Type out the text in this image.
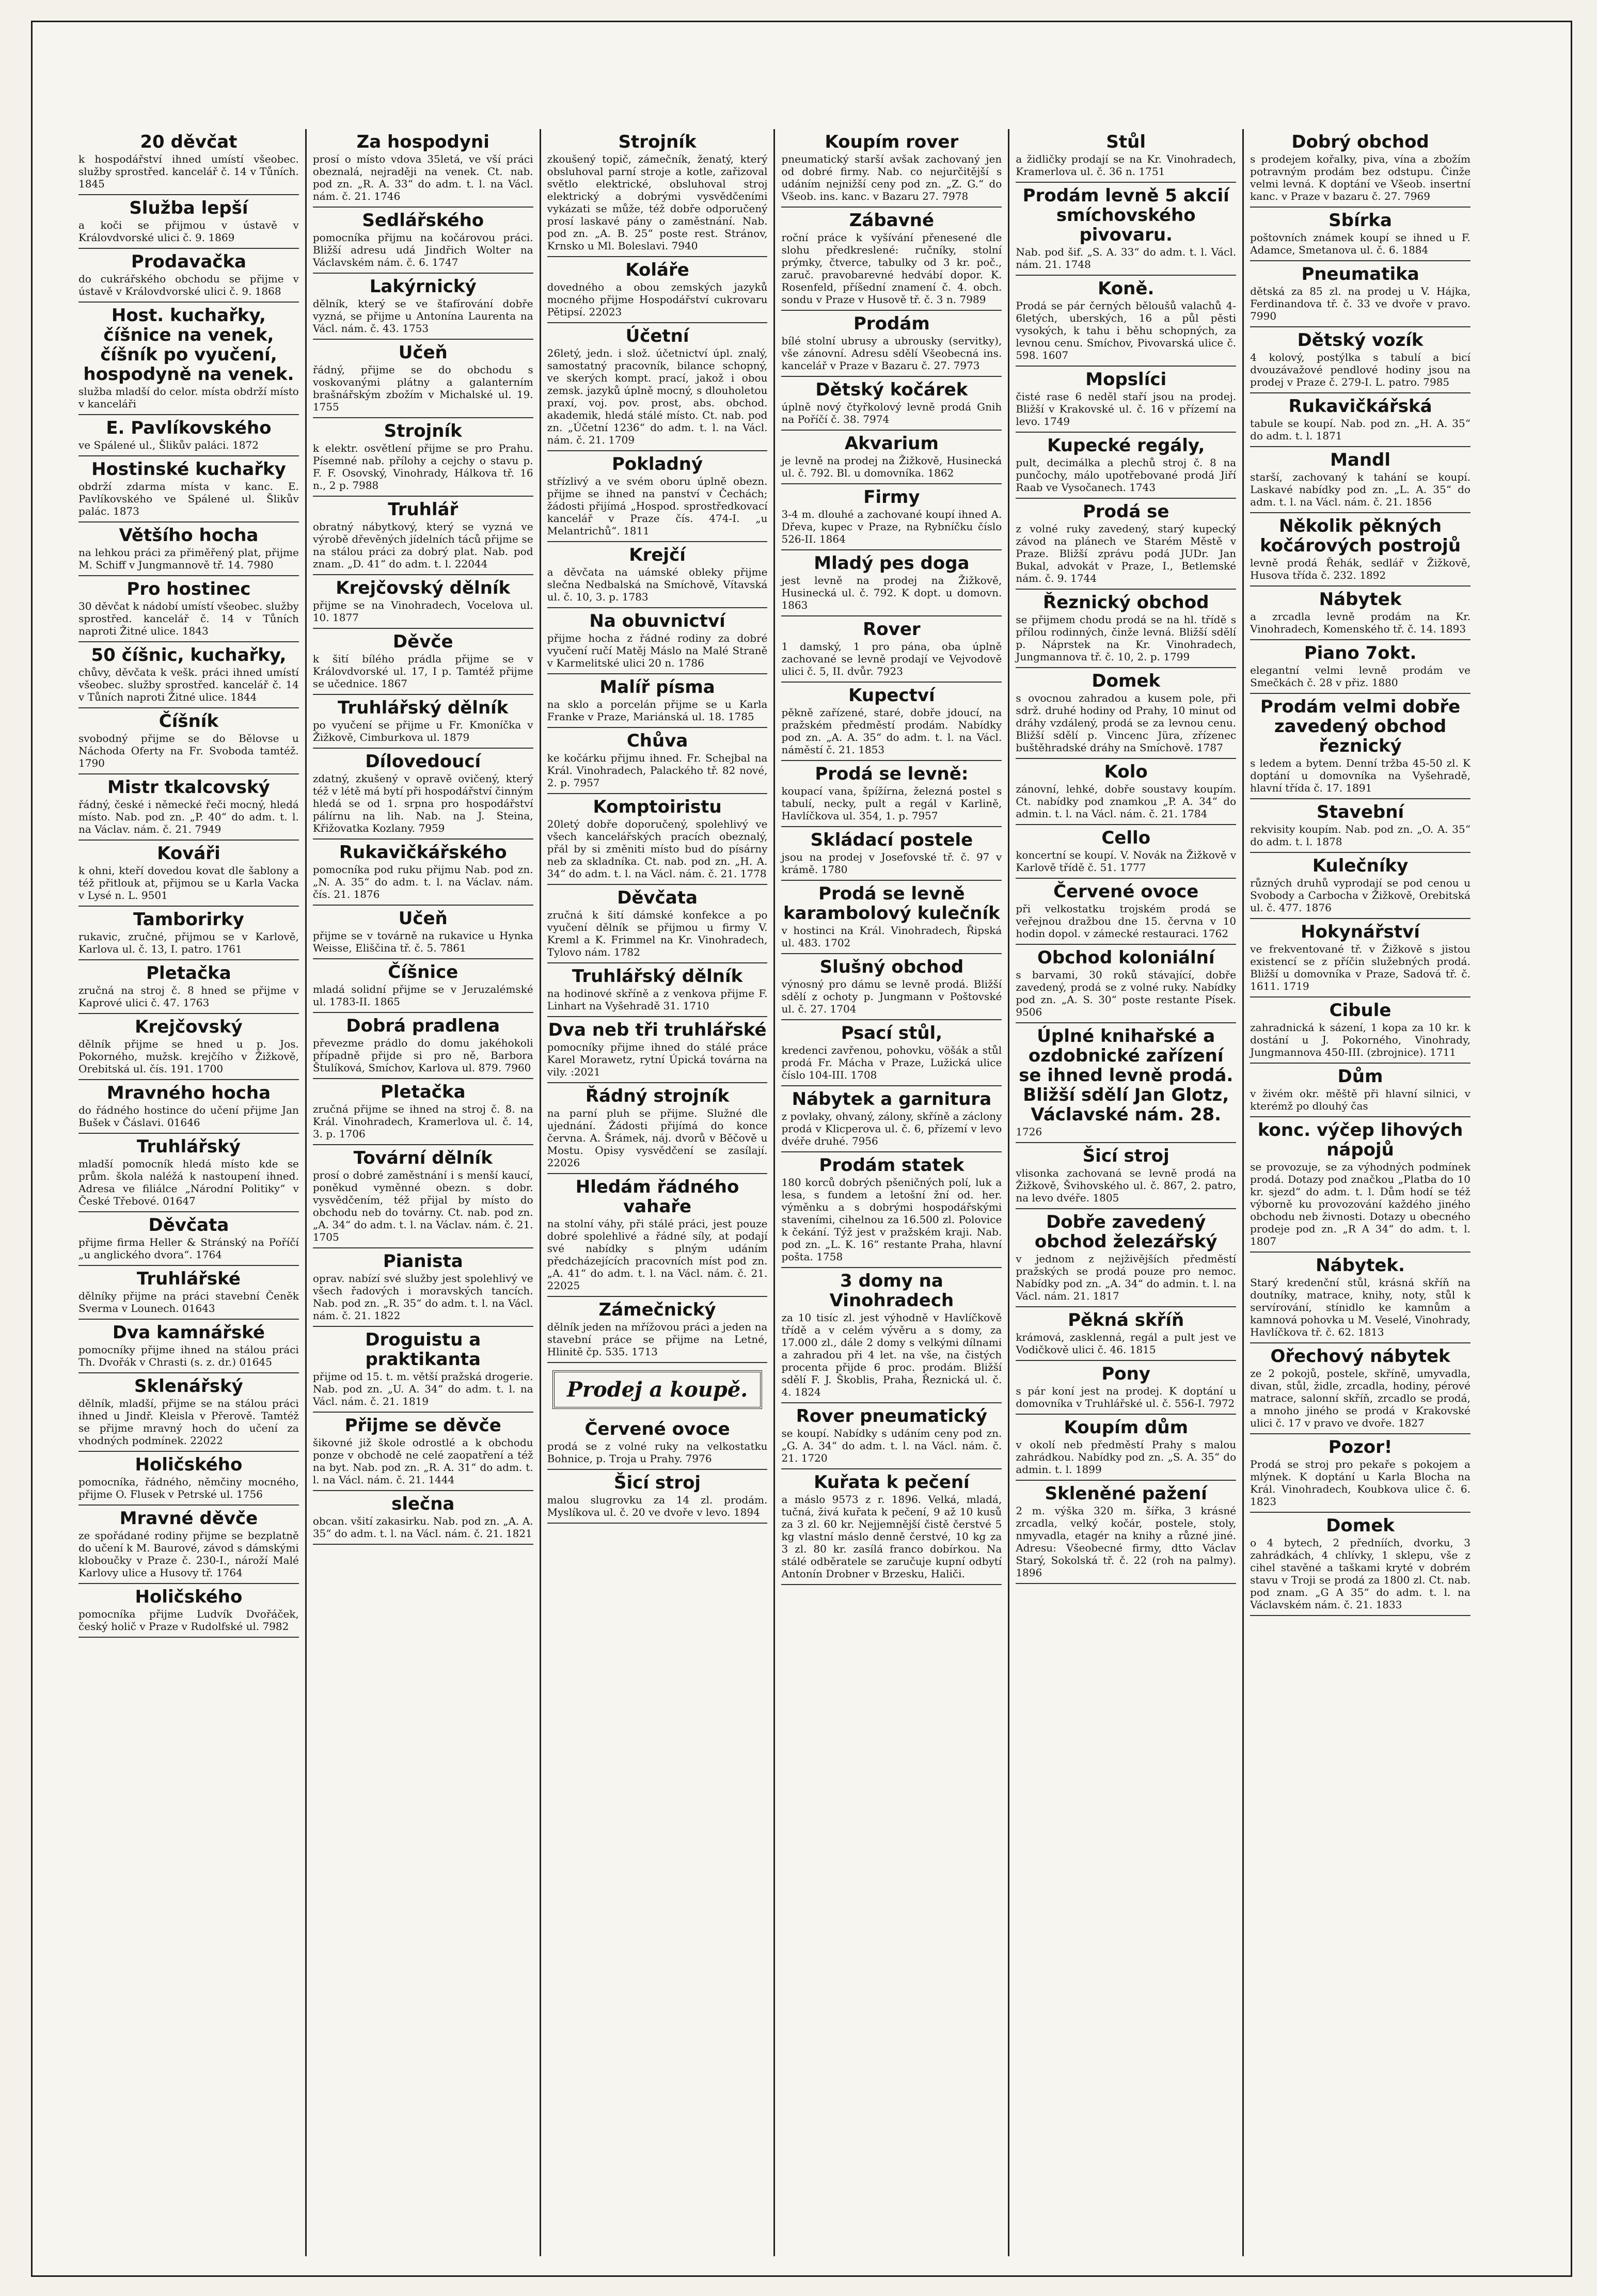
20 děvčat
k hospodářství ihned umístí všeobec. služby sprostřed. kancelář č. 14 v Tůních. 1845
Služba lepší
a koči se přijmou v ústavě v Královdvorské ulici č. 9. 1869
Prodavačka
do cukrářského obchodu se přijme v ústavě v Královdvorské ulici č. 9. 1868
Host. kuchařky, číšnice na venek, číšník po vyučení, hospodyně na venek.
služba mladší do celor. místa obdrží místo v kanceláři
E. Pavlíkovského
ve Spálené ul., Šlikův paláci. 1872
Hostinské kuchařky
obdrží zdarma místa v kanc. E. Pavlíkovského ve Spálené ul. Šlikův palác. 1873
Většího hocha
na lehkou práci za přiměřený plat, přijme M. Schiff v Jungmannově tř. 14. 7980
Pro hostinec
30 děvčat k nádobí umístí všeobec. služby sprostřed. kancelář č. 14 v Tůních naproti Žitné ulice. 1843
50 číšnic, kuchařky,
chůvy, děvčata k vešk. práci ihned umístí všeobec. služby sprostřed. kancelář č. 14 v Tůních naproti Žitné ulice. 1844
Číšník
svobodný přijme se do Bělovse u Náchoda Oferty na Fr. Svoboda tamtéž. 1790
Mistr tkalcovský
řádný, české i německé řeči mocný, hledá místo. Nab. pod zn. „P. 40“ do adm. t. l. na Václav. nám. č. 21. 7949
Kováři
k ohni, kteří dovedou kovat dle šablony a též přitlouk at, přijmou se u Karla Vacka v Lysé n. L. 9501
Tamborirky
rukavic, zručné, přijmou se v Karlově, Karlova ul. č. 13, I. patro. 1761
Pletačka
zručná na stroj č. 8 hned se přijme v Kaprové ulici č. 47. 1763
Krejčovský
dělník přijme se hned u p. Jos. Pokorného, mužsk. krejčího v Žižkově, Orebitská ul. čís. 191. 1700
Mravného hocha
do řádného hostince do učení přijme Jan Bušek v Čáslavi. 01646
Truhlářský
mladší pomocník hledá místo kde se prům. škola naléžá k nastoupení ihned. Adresa ve filiálce „Národní Politiky“ v České Třebové. 01647
Děvčata
přijme firma Heller & Stránský na Poříčí „u anglického dvora“. 1764
Truhlářské
dělníky přijme na práci stavební Čeněk Sverma v Lounech. 01643
Dva kamnářské
pomocníky přijme ihned na stálou práci Th. Dvořák v Chrasti (s. z. dr.) 01645
Sklenářský
dělník, mladší, přijme se na stálou práci ihned u Jindř. Kleisla v Přerově. Tamtéž se přijme mravný hoch do učení za vhodných podmínek. 22022
Holičského
pomocníka, řádného, němčiny mocného, přijme O. Flusek v Petrské ul. 1756
Mravné děvče
ze spořádané rodiny přijme se bezplatně do učení k M. Baurové, závod s dámskými kloboučky v Praze č. 230-I., nároží Malé Karlovy ulice a Husovy tř. 1764
Holičského
pomocníka přijme Ludvík Dvořáček, český holič v Praze v Rudolfské ul. 7982
Za hospodyni
prosí o místo vdova 35letá, ve vší práci obeznalá, nejraději na venek. Ct. nab. pod zn. „R. A. 33“ do adm. t. l. na Václ. nám. č. 21. 1746
Sedlářského
pomocníka přijmu na kočárovou práci. Bližší adresu udá Jindřich Wolter na Václavském nám. č. 6. 1747
Lakýrnický
dělník, který se ve štafírování dobře vyzná, se přijme u Antonína Laurenta na Václ. nám. č. 43. 1753
Učeň
řádný, přijme se do obchodu s voskovanými plátny a galanterním brašnářským zbožím v Michalské ul. 19. 1755
Strojník
k elektr. osvětlení přijme se pro Prahu. Písemné nab. přílohy a cejchy o stavu p. F. F. Osovský, Vinohrady, Hálkova tř. 16 n., 2 p. 7988
Truhlář
obratný nábytkový, který se vyzná ve výrobě dřevěných jídelních táců přijme se na stálou práci za dobrý plat. Nab. pod znam. „D. 41“ do adm. t. l. 22044
Krejčovský dělník
přijme se na Vinohradech, Vocelova ul. 10. 1877
Děvče
k šití bílého prádla přijme se v Královdvorské ul. 17, I p. Tamtéž přijme se učednice. 1867
Truhlářský dělník
po vyučení se přijme u Fr. Kmoníčka v Žižkově, Cimburkova ul. 1879
Dílovedoucí
zdatný, zkušený v opravě ovičený, který též v létě má bytí při hospodářství činným hledá se od 1. srpna pro hospodářství pálírnu na lih. Nab. na J. Steina, Křižovatka Kozlany. 7959
Rukavičkářského
pomocníka pod ruku přijmu Nab. pod zn. „N. A. 35“ do adm. t. l. na Václav. nám. čís. 21. 1876
Učeň
přijme se v továrně na rukavice u Hynka Weisse, Eliščina tř. č. 5. 7861
Číšnice
mladá solidní přijme se v Jeruzalémské ul. 1783-II. 1865
Dobrá pradlena
převezme prádlo do domu jakéhokoli případně přijde si pro ně, Barbora Štulíková, Smíchov, Karlova ul. 879. 7960
Pletačka
zručná přijme se ihned na stroj č. 8. na Král. Vinohradech, Kramerlova ul. č. 14, 3. p. 1706
Tovární dělník
prosí o dobré zaměstnání i s menší kaucí, poněkud vyměnné obezn. s dobr. vysvědčením, též přijal by místo do obchodu neb do továrny. Ct. nab. pod zn. „A. 34“ do adm. t. l. na Václav. nám. č. 21. 1705
Pianista
oprav. nabízí své služby jest spolehlivý ve všech řadových i moravských tancích. Nab. pod zn. „R. 35“ do adm. t. l. na Václ. nám. č. 21. 1822
Droguistu a praktikanta
přijme od 15. t. m. větší pražská drogerie. Nab. pod zn. „U. A. 34“ do adm. t. l. na Václ. nám. č. 21. 1819
Přijme se děvče
šikovné již škole odrostlé a k obchodu ponze v obchodě ne celé zaopatření a též na byt. Nab. pod zn. „R. A. 31“ do adm. t. l. na Václ. nám. č. 21. 1444
slečna
obcan. všití zakasirku. Nab. pod zn. „A. A. 35“ do adm. t. l. na Václ. nám. č. 21. 1821
Strojník
zkoušený topič, zámečník, ženatý, který obsluhoval parní stroje a kotle, zařizoval světlo elektrické, obsluhoval stroj elektrický a dobrými vysvědčeními vykázati se může, též dobře odporučený prosí laskavé pány o zaměstnání. Nab. pod zn. „A. B. 25“ poste rest. Stránov, Krnsko u Ml. Boleslavi. 7940
Koláře
dovedného a obou zemských jazyků mocného přijme Hospodářství cukrovaru Pětipsí. 22023
Účetní
26letý, jedn. i slož. účetnictví úpl. znalý, samostatný pracovník, bilance schopný, ve skerých kompt. prací, jakož i obou zemsk. jazyků úplně mocný, s dlouholetou praxí, voj. pov. prost, abs. obchod. akademik, hledá stálé místo. Ct. nab. pod zn. „Účetní 1236“ do adm. t. l. na Václ. nám. č. 21. 1709
Pokladný
střízlivý a ve svém oboru úplně obezn. přijme se ihned na panství v Čechách; žádosti přijímá „Hospod. sprostředkovací kancelář v Praze čís. 474-I. „u Melantrichů“. 1811
Krejčí
a děvčata na uámské obleky přijme slečna Nedbalská na Smíchově, Vítavská ul. č. 10, 3. p. 1783
Na obuvnictví
přijme hocha z řádné rodiny za dobré vyučení ručí Matěj Máslo na Malé Straně v Karmelitské ulici 20 n. 1786
Malíř písma
na sklo a porcelán přijme se u Karla Franke v Praze, Mariánská ul. 18. 1785
Chůva
ke kočárku přijmu ihned. Fr. Schejbal na Král. Vinohradech, Palackého tř. 82 nové, 2. p. 7957
Komptoiristu
20letý dobře doporučený, spolehlivý ve všech kancelářských pracích obeznalý, přál by si změniti místo bud do písárny neb za skladníka. Ct. nab. pod zn. „H. A. 34“ do adm. t. l. na Václ. nám. č. 21. 1778
Děvčata
zručná k šití dámské konfekce a po vyučení dělník se přijmou u firmy V. Kreml a K. Frimmel na Kr. Vinohradech, Tylovo nám. 1782
Truhlářský dělník
na hodinové skříně a z venkova přijme F. Linhart na Vyšehradě 31. 1710
Dva neb tři truhlářské
pomocníky přijme ihned do stálé práce Karel Morawetz, rytní Úpická továrna na vily. :2021
Řádný strojník
na parní pluh se přijme. Služné dle ujednání. Žádosti přijímá do konce června. A. Šrámek, náj. dvorů v Běčově u Mostu. Opisy vysvědčení se zasílají. 22026
Hledám řádného vahaře
na stolní váhy, při stálé práci, jest pouze dobré spolehlivé a řádné síly, at podají své nabídky s plným udáním předcházejících pracovních míst pod zn. „A. 41“ do adm. t. l. na Václ. nám. č. 21. 22025
Zámečnický
dělník jeden na mřížovou práci a jeden na stavební práce se přijme na Letné, Hlinitě čp. 535. 1713
Prodej a koupě.
Červené ovoce
prodá se z volné ruky na velkostatku Bohnice, p. Troja u Prahy. 7976
Šicí stroj
malou slugrovku za 14 zl. prodám. Myslíkova ul. č. 20 ve dvoře v levo. 1894
Koupím rover
pneumatický starší avšak zachovaný jen od dobré firmy. Nab. co nejurčitější s udáním nejnižší ceny pod zn. „Z. G.“ do Všeob. ins. kanc. v Bazaru 27. 7978
Zábavné
roční práce k vyšívání přenesené dle slohu předkreslené: ručníky, stolní prýmky, čtverce, tabulky od 3 kr. poč., zaruč. pravobarevné hedvábí dopor. K. Rosenfeld, příšední znamení č. 4. obch. sondu v Praze v Husově tř. č. 3 n. 7989
Prodám
bílé stolní ubrusy a ubrousky (servitky), vše zánovní. Adresu sdělí Všeobecná ins. kancelář v Praze v Bazaru č. 27. 7973
Dětský kočárek
úplně nový čtyřkolový levně prodá Gnih na Poříčí č. 38. 7974
Akvarium
je levně na prodej na Žižkově, Husinecká ul. č. 792. Bl. u domovníka. 1862
Firmy
3-4 m. dlouhé a zachované koupí ihned A. Dřeva, kupec v Praze, na Rybníčku číslo 526-II. 1864
Mladý pes doga
jest levně na prodej na Žižkově, Husinecká ul. č. 792. K dopt. u domovn. 1863
Rover
1 damský, 1 pro pána, oba úplně zachované se levně prodají ve Vejvodově ulici č. 5, II. dvůr. 7923
Kupectví
pěkně zařízené, staré, dobře jdoucí, na pražském předměstí prodám. Nabídky pod zn. „A. A. 35“ do adm. t. l. na Václ. náměstí č. 21. 1853
Prodá se levně:
koupací vana, špížírna, železná postel s tabulí, necky, pult a regál v Karlině, Havlíčkova ul. 354, 1. p. 7957
Skládací postele
jsou na prodej v Josefovské tř. č. 97 v krámě. 1780
Prodá se levně karambolový kulečník
v hostinci na Král. Vinohradech, Řipská ul. 483. 1702
Slušný obchod
výnosný pro dámu se levně prodá. Bližší sdělí z ochoty p. Jungmann v Poštovské ul. č. 27. 1704
Psací stůl,
kredenci zavřenou, pohovku, vöšák a stůl prodá Fr. Mácha v Praze, Lužická ulice číslo 104-III. 1708
Nábytek a garnitura
z povlaky, ohvaný, zálony, skříně a záclony prodá v Klicperova ul. č. 6, přízemí v levo dvéře druhé. 7956
Prodám statek
180 korců dobrých pšeničných polí, luk a lesa, s fundem a letošní žní od. her. výměnku a s dobrými hospodářskými staveními, cihelnou za 16.500 zl. Polovice k čekání. Týž jest v pražském kraji. Nab. pod zn. „L. K. 16“ restante Praha, hlavní pošta. 1758
3 domy na Vinohradech
za 10 tisíc zl. jest výhodně v Havlíčkově třídě a v celém vývěru a s domy, za 17.000 zl., dále 2 domy s velkými dílnami a zahradou při 4 let. na vše, na čistých procenta přijde 6 proc. prodám. Bližší sdělí F. J. Škoblis, Praha, Řeznická ul. č. 4. 1824
Rover pneumatický
se koupí. Nabídky s udáním ceny pod zn. „G. A. 34“ do adm. t. l. na Václ. nám. č. 21. 1720
Kuřata k pečení
a máslo 9573 z r. 1896. Velká, mladá, tučná, živá kuřata k pečení, 9 až 10 kusů za 3 zl. 60 kr. Nejjemnější čistě čerstvé 5 kg vlastní máslo denně čerstvé, 10 kg za 3 zl. 80 kr. zasílá franco dobírkou. Na stálé odběratele se zaručuje kupní odbytí Antonín Drobner v Brzesku, Haliči.
Stůl
a židličky prodají se na Kr. Vinohradech, Kramerlova ul. č. 36 n. 1751
Prodám levně 5 akcií smíchovského pivovaru.
Nab. pod šif. „S. A. 33“ do adm. t. l. Václ. nám. 21. 1748
Koně.
Prodá se pár černých běloušů valachů 4-6letých, uberských, 16 a půl pěsti vysokých, k tahu i běhu schopných, za levnou cenu. Smíchov, Pivovarská ulice č. 598. 1607
Mopslíci
čisté rase 6 neděl staří jsou na prodej. Bližší v Krakovské ul. č. 16 v přízemí na levo. 1749
Kupecké regály,
pult, decimálka a plechů stroj č. 8 na punčochy, málo upotřebované prodá Jiří Raab ve Vysočanech. 1743
Prodá se
z volné ruky zavedený, starý kupecký závod na plánech ve Starém Městě v Praze. Bližší zprávu podá JUDr. Jan Bukal, advokát v Praze, I., Betlemské nám. č. 9. 1744
Řeznický obchod
se přijmem chodu prodá se na hl. třídě s přílou rodinných, činže levná. Bližší sdělí p. Náprstek na Kr. Vinohradech, Jungmannova tř. č. 10, 2. p. 1799
Domek
s ovocnou zahradou a kusem pole, při sdrž. druhé hodiny od Prahy, 10 minut od dráhy vzdálený, prodá se za levnou cenu. Bližší sdělí p. Vincenc Jüra, zřízenec buštěhradské dráhy na Smíchově. 1787
Kolo
zánovní, lehké, dobře soustavy koupím. Ct. nabídky pod znamkou „P. A. 34“ do admin. t. l. na Václ. nám. č. 21. 1784
Cello
koncertní se koupí. V. Novák na Žižkově v Karlově třídě č. 51. 1777
Červené ovoce
při velkostatku trojském prodá se veřejnou dražbou dne 15. června v 10 hodin dopol. v zámecké restauraci. 1762
Obchod koloniální
s barvami, 30 roků stávající, dobře zavedený, prodá se z volné ruky. Nabídky pod zn. „A. S. 30“ poste restante Písek. 9506
Úplné knihařské a ozdobnické zařízení se ihned levně prodá. Bližší sdělí Jan Glotz, Václavské nám. 28.
1726
Šicí stroj
vlisonka zachovaná se levně prodá na Žižkově, Švihovského ul. č. 867, 2. patro, na levo dvéře. 1805
Dobře zavedený obchod železářský
v jednom z nejživějších předměstí pražských se prodá pouze pro nemoc. Nabídky pod zn. „A. 34“ do admin. t. l. na Václ. nám. 21. 1817
Pěkná skříň
krámová, zasklenná, regál a pult jest ve Vodičkově ulici č. 46. 1815
Pony
s pár koní jest na prodej. K doptání u domovníka v Truhlářské ul. č. 556-I. 7972
Koupím dům
v okolí neb předměstí Prahy s malou zahrádkou. Nabídky pod zn. „S. A. 35“ do admin. t. l. 1899
Skleněné pažení
2 m. výška 320 m. šířka, 3 krásné zrcadla, velký kočár, postele, stoly, nmyvadla, etagér na knihy a různé jiné. Adresu: Všeobecné firmy, dtto Václav Starý, Sokolská tř. č. 22 (roh na palmy). 1896
Dobrý obchod
s prodejem kořalky, piva, vína a zbožím potravným prodám bez odstupu. Činže velmi levná. K doptání ve Všeob. insertní kanc. v Praze v bazaru č. 27. 7969
Sbírka
poštovních známek koupí se ihned u F. Adamce, Smetanova ul. č. 6. 1884
Pneumatika
dětská za 85 zl. na prodej u V. Hájka, Ferdinandova tř. č. 33 ve dvoře v pravo. 7990
Dětský vozík
4 kolový, postýlka s tabulí a bicí dvouzávažové pendlové hodiny jsou na prodej v Praze č. 279-I. L. patro. 7985
Rukavičkářská
tabule se koupí. Nab. pod zn. „H. A. 35“ do adm. t. l. 1871
Mandl
starší, zachovaný k tahání se koupí. Laskavé nabídky pod zn. „L. A. 35“ do adm. t. l. na Václ. nám. č. 21. 1856
Několik pěkných kočárových postrojů
levně prodá Řehák, sedlář v Žižkově, Husova třída č. 232. 1892
Nábytek
a zrcadla levně prodám na Kr. Vinohradech, Komenského tř. č. 14. 1893
Piano 7okt.
elegantní velmi levně prodám ve Smečkách č. 28 v přiz. 1880
Prodám velmi dobře zavedený obchod řeznický
s ledem a bytem. Denní tržba 45-50 zl. K doptání u domovníka na Vyšehradě, hlavní třída č. 17. 1891
Stavební
rekvisity koupím. Nab. pod zn. „O. A. 35“ do adm. t. l. 1878
Kulečníky
různých druhů vyprodají se pod cenou u Svobody a Carbocha v Žižkově, Orebitská ul. č. 477. 1876
Hokynářství
ve frekventované tř. v Žižkově s jistou existencí se z příčin služebných prodá. Bližší u domovníka v Praze, Sadová tř. č. 1611. 1719
Cibule
zahradnická k sázení, 1 kopa za 10 kr. k dostání u J. Pokorného, Vinohrady, Jungmannova 450-III. (zbrojnice). 1711
Dům
v živém okr. měště při hlavní silnici, v kterémž po dlouhý čas
konc. výčep lihových nápojů
se provozuje, se za výhodných podmínek prodá. Dotazy pod značkou „Platba do 10 kr. sjezd“ do adm. t. l. Dům hodí se též výborně ku provozování každého jiného obchodu neb živnosti. Dotazy u obecného prodeje pod zn. „R A 34“ do adm. t. l. 1807
Nábytek.
Starý kredenční stůl, krásná skříň na doutníky, matrace, knihy, noty, stůl k servírování, stínidlo ke kamnům a kamnová pohovka u M. Veselé, Vinohrady, Havlíčkova tř. č. 62. 1813
Ořechový nábytek
ze 2 pokojů, postele, skříně, umyvadla, divan, stůl, židle, zrcadla, hodiny, pérové matrace, salonní skříň, zrcadlo se prodá, a mnoho jiného se prodá v Krakovské ulici č. 17 v pravo ve dvoře. 1827
Pozor!
Prodá se stroj pro pekaře s pokojem a mlýnek. K doptání u Karla Blocha na Král. Vinohradech, Koubkova ulice č. 6. 1823
Domek
o 4 bytech, 2 předníích, dvorku, 3 zahrádkách, 4 chlívky, 1 sklepu, vše z cihel stavěné a taškami kryté v dobrém stavu v Troji se prodá za 1800 zl. Ct. nab. pod znam. „G A 35“ do adm. t. l. na Václavském nám. č. 21. 1833
